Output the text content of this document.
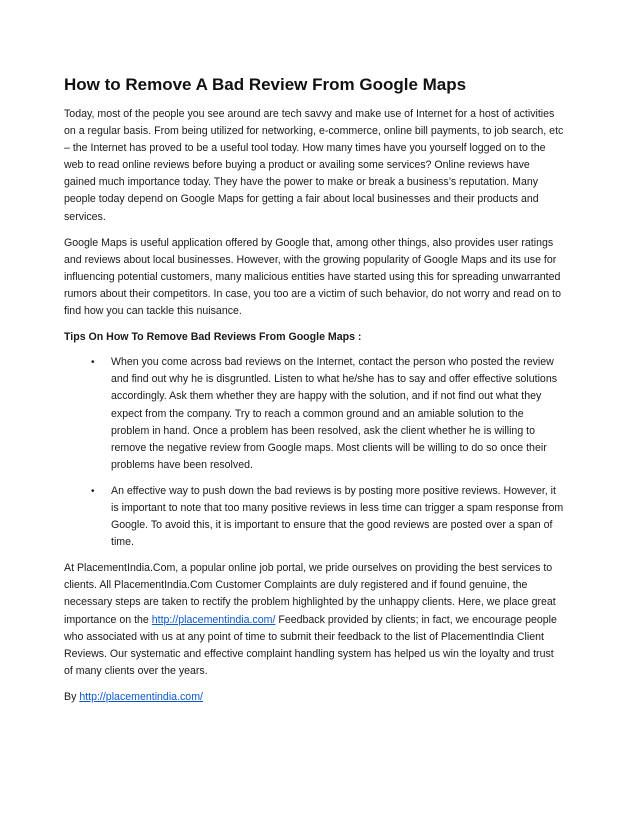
How to Remove A Bad Review From Google Maps

Today, most of the people you see around are tech savvy and make use of Internet for a host of activities on a regular basis. From being utilized for networking, e-commerce, online bill payments, to job search, etc – the Internet has proved to be a useful tool today. How many times have you yourself logged on to the web to read online reviews before buying a product or availing some services? Online reviews have gained much importance today. They have the power to make or break a business’s reputation. Many people today depend on Google Maps for getting a fair about local businesses and their products and services.

Google Maps is useful application offered by Google that, among other things, also provides user ratings and reviews about local businesses. However, with the growing popularity of Google Maps and its use for influencing potential customers, many malicious entities have started using this for spreading unwarranted rumors about their competitors. In case, you too are a victim of such behavior, do not worry and read on to find how you can tackle this nuisance.

Tips On How To Remove Bad Reviews From Google Maps :

• When you come across bad reviews on the Internet, contact the person who posted the review and find out why he is disgruntled. Listen to what he/she has to say and offer effective solutions accordingly. Ask them whether they are happy with the solution, and if not find out what they expect from the company. Try to reach a common ground and an amiable solution to the problem in hand. Once a problem has been resolved, ask the client whether he is willing to remove the negative review from Google maps. Most clients will be willing to do so once their problems have been resolved.
• An effective way to push down the bad reviews is by posting more positive reviews. However, it is important to note that too many positive reviews in less time can trigger a spam response from Google. To avoid this, it is important to ensure that the good reviews are posted over a span of time.

At PlacementIndia.Com, a popular online job portal, we pride ourselves on providing the best services to clients. All PlacementIndia.Com Customer Complaints are duly registered and if found genuine, the necessary steps are taken to rectify the problem highlighted by the unhappy clients. Here, we place great importance on the http://placementindia.com/ Feedback provided by clients; in fact, we encourage people who associated with us at any point of time to submit their feedback to the list of PlacementIndia Client Reviews. Our systematic and effective complaint handling system has helped us win the loyalty and trust of many clients over the years.

By http://placementindia.com/
